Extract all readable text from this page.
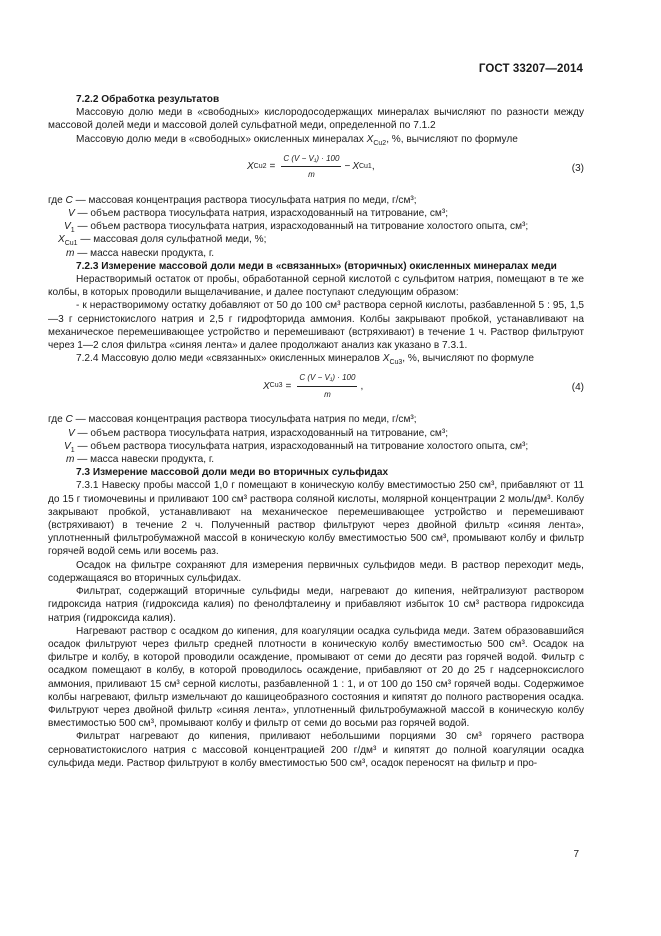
ГОСТ 33207—2014

7.2.2 Обработка результатов

Массовую долю меди в «свободных» кислородосодержащих минералах вычисляют по разности между массовой долей меди и массовой долей сульфатной меди, определенной по 7.1.2

Массовую долю меди в «свободных» окисленных минералах $X_{Cu2}$, %, вычисляют по формуле

X $Cu2 = \frac{\text{C (V − V₁) · 100}}{m} - X$ Cu1 ,	(3)

где C — массовая концентрация раствора тиосульфата натрия по меди, г/см³;

V — объем раствора тиосульфата натрия, израсходованный на титрование, см³;

$V_1$ — объем раствора тиосульфата натрия, израсходованный на титрование холостого опыта, см³;

$X_{Cu1}$ — массовая доля сульфатной меди, %;

m — масса навески продукта, г.

7.2.3 Измерение массовой доли меди в «связанных» (вторичных) окисленных минералах меди

Нерастворимый остаток от пробы, обработанной серной кислотой с сульфитом натрия, помещают в те же колбы, в которых проводили выщелачивание, и далее поступают следующим образом:

- к нерастворимому остатку добавляют от 50 до 100 см³ раствора серной кислоты, разбавленной 5 : 95, 1,5—3 г сернистокислого натрия и 2,5 г гидрофторида аммония. Колбы закрывают пробкой, устанавливают на механическое перемешивающее устройство и перемешивают (встряхивают) в течение 1 ч. Раствор фильтруют через 1—2 слоя фильтра «синяя лента» и далее продолжают анализ как указано в 7.3.1.

7.2.4 Массовую долю меди «связанных» окисленных минералов $X_{Cu3}$, %, вычисляют по формуле

X $Cu3 = \frac{\text{C (V − V₁) · 100}}{m}$ ,	(4)

где C — массовая концентрация раствора тиосульфата натрия по меди, г/см³;

V — объем раствора тиосульфата натрия, израсходованный на титрование, см³;

$V_1$ — объем раствора тиосульфата натрия, израсходованный на титрование холостого опыта, см³;

m — масса навески продукта, г.

7.3 Измерение массовой доли меди во вторичных сульфидах

7.3.1 Навеску пробы массой 1,0 г помещают в коническую колбу вместимостью 250 см³, прибавляют от 11 до 15 г тиомочевины и приливают 100 см³ раствора соляной кислоты, молярной концентрации 2 моль/дм³. Колбу закрывают пробкой, устанавливают на механическое перемешивающее устройство и перемешивают (встряхивают) в течение 2 ч. Полученный раствор фильтруют через двойной фильтр «синяя лента», уплотненный фильтробумажной массой в коническую колбу вместимостью 500 см³, промывают колбу и фильтр горячей водой семь или восемь раз.

Осадок на фильтре сохраняют для измерения первичных сульфидов меди. В раствор переходит медь, содержащаяся во вторичных сульфидах.

Фильтрат, содержащий вторичные сульфиды меди, нагревают до кипения, нейтрализуют раствором гидроксида натрия (гидроксида калия) по фенолфталеину и прибавляют избыток 10 см³ раствора гидроксида натрия (гидроксида калия).

Нагревают раствор с осадком до кипения, для коагуляции осадка сульфида меди. Затем образовавшийся осадок фильтруют через фильтр средней плотности в коническую колбу вместимостью 500 см³. Осадок на фильтре и колбу, в которой проводили осаждение, промывают от семи до десяти раз горячей водой. Фильтр с осадком помещают в колбу, в которой проводилось осаждение, прибавляют от 20 до 25 г надсерноксислого аммония, приливают 15 см³ серной кислоты, разбавленной 1 : 1, и от 100 до 150 см³ горячей воды. Содержимое колбы нагревают, фильтр измельчают до кашицеобразного состояния и кипятят до полного растворения осадка. Фильтруют через двойной фильтр «синяя лента», уплотненный фильтробумажной массой в коническую колбу вместимостью 500 см³, промывают колбу и фильтр от семи до восьми раз горячей водой.

Фильтрат нагревают до кипения, приливают небольшими порциями 30 см³ горячего раствора серноватистокислого натрия с массовой концентрацией 200 г/дм³ и кипятят до полной коагуляции осадка сульфида меди. Раствор фильтруют в колбу вместимостью 500 см³, осадок переносят на фильтр и про-

7
